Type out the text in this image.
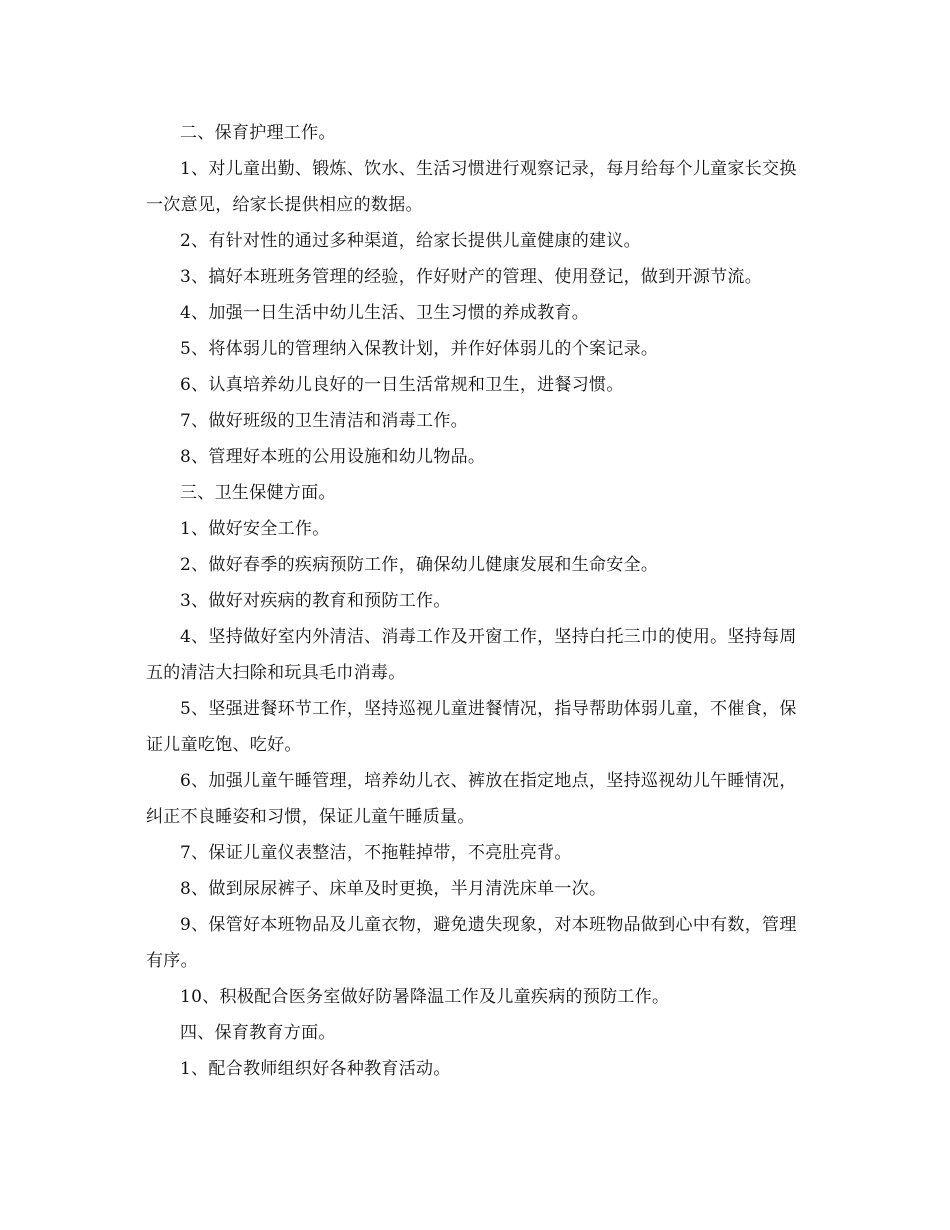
二、保育护理工作。

1、对儿童出勤、锻炼、饮水、生活习惯进行观察记录，每月给每个儿童家长交换一次意见，给家长提供相应的数据。

2、有针对性的通过多种渠道，给家长提供儿童健康的建议。

3、搞好本班班务管理的经验，作好财产的管理、使用登记，做到开源节流。

4、加强一日生活中幼儿生活、卫生习惯的养成教育。

5、将体弱儿的管理纳入保教计划，并作好体弱儿的个案记录。

6、认真培养幼儿良好的一日生活常规和卫生，进餐习惯。

7、做好班级的卫生清洁和消毒工作。

8、管理好本班的公用设施和幼儿物品。

三、卫生保健方面。

1、做好安全工作。

2、做好春季的疾病预防工作，确保幼儿健康发展和生命安全。

3、做好对疾病的教育和预防工作。

4、坚持做好室内外清洁、消毒工作及开窗工作，坚持白托三巾的使用。坚持每周五的清洁大扫除和玩具毛巾消毒。

5、坚强进餐环节工作，坚持巡视儿童进餐情况，指导帮助体弱儿童，不催食，保证儿童吃饱、吃好。

6、加强儿童午睡管理，培养幼儿衣、裤放在指定地点，坚持巡视幼儿午睡情况，纠正不良睡姿和习惯，保证儿童午睡质量。

7、保证儿童仪表整洁，不拖鞋掉带，不亮肚亮背。

8、做到尿尿裤子、床单及时更换，半月清洗床单一次。

9、保管好本班物品及儿童衣物，避免遗失现象，对本班物品做到心中有数，管理有序。

10、积极配合医务室做好防暑降温工作及儿童疾病的预防工作。

四、保育教育方面。

1、配合教师组织好各种教育活动。
